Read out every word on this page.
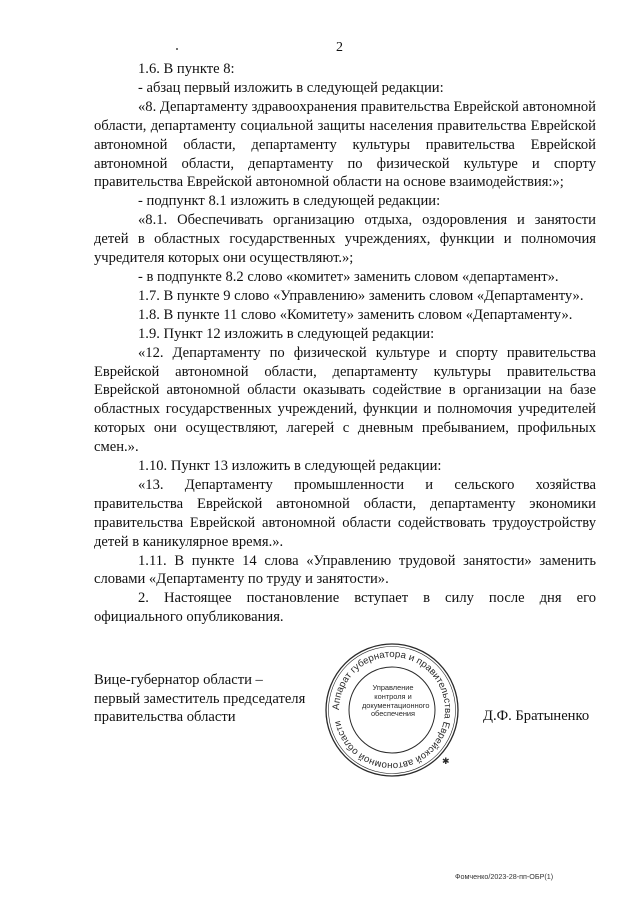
2

1.6. В пункте 8:

- абзац первый изложить в следующей редакции:

«8. Департаменту здравоохранения правительства Еврейской автономной области, департаменту социальной защиты населения правительства Еврейской автономной области, департаменту культуры правительства Еврейской автономной области, департаменту по физической культуре и спорту правительства Еврейской автономной области на основе взаимодействия:»;

- подпункт 8.1 изложить в следующей редакции:

«8.1. Обеспечивать организацию отдыха, оздоровления и занятости детей в областных государственных учреждениях, функции и полномочия учредителя которых они осуществляют.»;

- в подпункте 8.2 слово «комитет» заменить словом «департамент».

1.7. В пункте 9 слово «Управлению» заменить словом «Департаменту».

1.8. В пункте 11 слово «Комитету» заменить словом «Департаменту».

1.9. Пункт 12 изложить в следующей редакции:

«12. Департаменту по физической культуре и спорту правительства Еврейской автономной области, департаменту культуры правительства Еврейской автономной области оказывать содействие в организации на базе областных государственных учреждений, функции и полномочия учредителей которых они осуществляют, лагерей с дневным пребыванием, профильных смен.».

1.10. Пункт 13 изложить в следующей редакции:

«13. Департаменту промышленности и сельского хозяйства правительства Еврейской автономной области, департаменту экономики правительства Еврейской автономной области содействовать трудоустройству детей в каникулярное время.».

1.11. В пункте 14 слова «Управлению трудовой занятости» заменить словами «Департаменту по труду и занятости».

2. Настоящее постановление вступает в силу после дня его официального опубликования.

Вице-губернатор области –
первый заместитель председателя
правительства области
Аппарат губернатора и правительства Еврейской автономной области
✱
Управление контроля и
документационного
обеспечения	Д.Ф. Братыненко
Фомченко/2023-28-пп-ОБР(1)
